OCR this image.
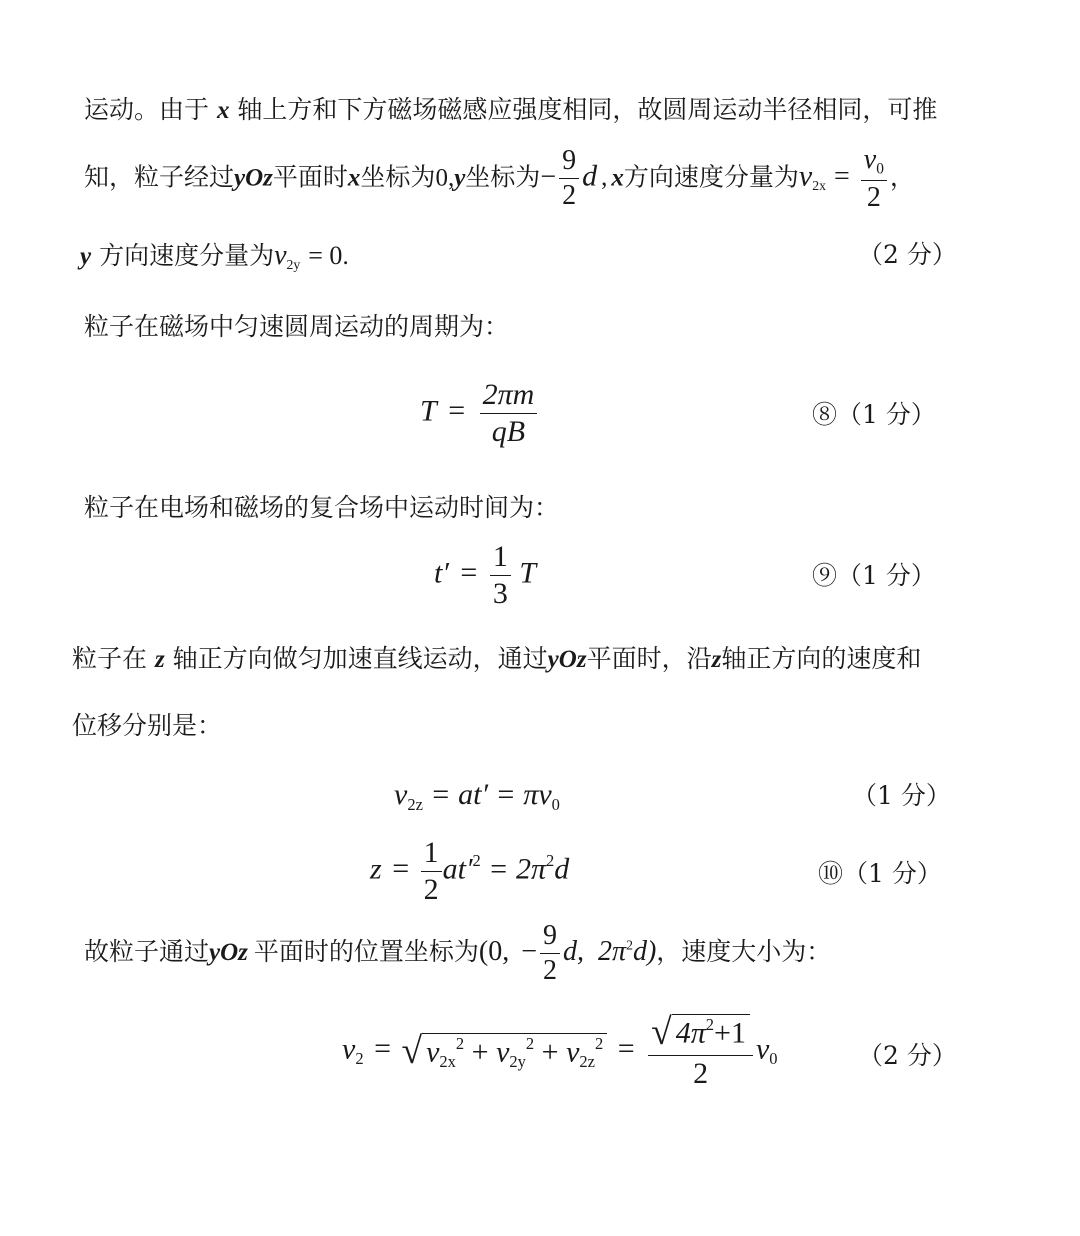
运动。由于 x 轴上方和下方磁场磁感应强度相同，故圆周运动半径相同，可推
知，粒子经过yOz平面时x坐标为0,y坐标为− $\frac{9}{2}$ d , x方向速度分量为$v_{2x} = \frac{v_0}{2}$ ，
y 方向速度分量为$v_{2y} = 0$.	（2 分）
粒子在磁场中匀速圆周运动的周期为：
$T = \frac{2\pi m}{qB}$	⑧（1 分）
粒子在电场和磁场的复合场中运动时间为：
$t' = \frac{1}{3}$ T	⑨（1 分）
粒子在 z 轴正方向做匀加速直线运动，通过yOz平面时，沿z轴正方向的速度和
位移分别是：
$v_{2z} = at' = \pi v_0$	（1 分）
$z = \frac{1}{2} at'^2 = 2\pi^2d$	⑩（1 分）
故粒子通过yOz 平面时的位置坐标为(0, − $\frac{9}{2} d$, $2\pi^2d$)，速度大小为：
$v_2$ = √ $v_{2x}^2 + v_{2y}^2 + v_{2z}^2 = \frac{√ 4\pi^2+1}{2} v_0$	（2 分）
